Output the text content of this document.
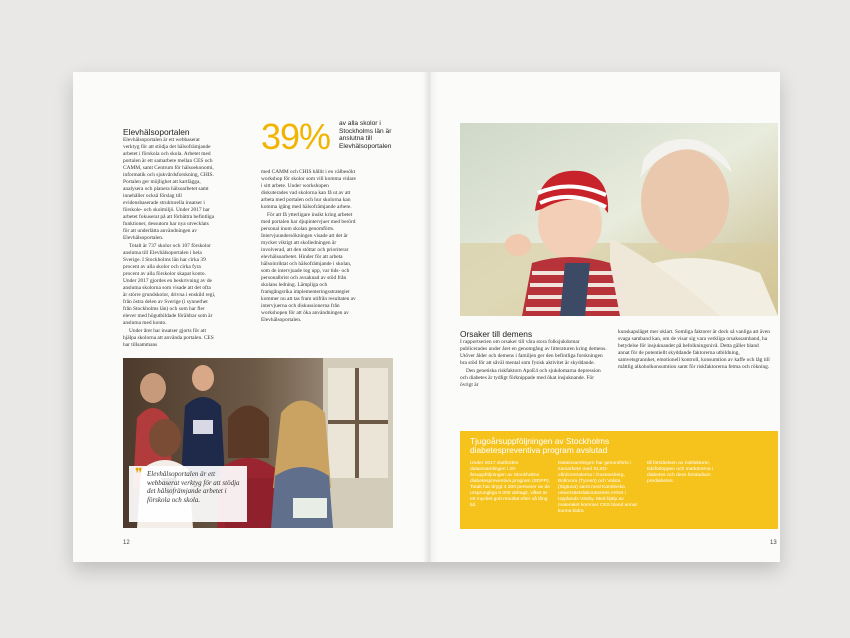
Elevhälsoportalen

Elevhälsoportalen är ett webbaserat verktyg för att stödja det hälsofrämjande arbetet i förskola och skola. Arbetet med portalen är ett samarbete mellan CES och CAMM, samt Centrum för hälsoekonomi, informatik och sjukvårdsforskning, CHIS. Portalen ger möjlighet att kartlägga, analysera och planera hälsoarbetet samt innehåller också förslag till evidensbaserade strukturella insatser i förskole- och skolmiljö. Under 2017 har arbetet fokuserat på att förbättra befintliga funktioner, dessutom har nya utvecklats för att underlätta användningen av Elevhälsoportalen.

Totalt är 737 skolor och 107 förskolor anslutna till Elevhälsoportalen i hela Sverige. I Stockholms län har cirka 39 procent av alla skolor och cirka fyra procent av alla förskolor skapat konto. Under 2017 gjordes en beskrivning av de anslutna skolorna som visade att det ofta är större grundskolor, drivna i enskild regi, från östra delen av Sverige (i synnerhet från Stockholms län) och som har fler elever med högutbildade föräldrar som är anslutna med konto.

Under året har insatser gjorts för att hjälpa skolorna att använda portalen. CES har tillsammans

39% av alla skolor i Stockholms län är anslutna till Elevhälsoportalen

med CAMM och CHIS hållit i en välbesökt workshop för skolor som vill komma vidare i sitt arbete. Under workshopen diskuterades vad skolorna kan få ut av att arbeta med portalen och hur skolorna kan komma igång med hälsofrämjande arbete.

För att få ytterligare insikt kring arbetet med portalen har djupintervjuer med berörd personal inom skolan genomförts. Intervjuundersökningen visade att det är mycket viktigt att skolledningen är involverad, att den stöttar och prioriterar elevhälsoarbetet. Hinder för att arbeta hälsoinriktat och hälsofrämjande i skolan, som de intervjuade tog upp, var tids- och personalbrist och avsaknad av stöd från skolans ledning. Lämpliga och framgångsrika implementeringsstrategier kommer nu att tas fram utifrån resultaten av intervjuerna och diskussionerna från workshopen för att öka användningen av Elevhälsoportalen.

❞ Elevhälsoportalen är ett webbaserat verktyg för att stödja det hälsofrämjande arbetet i förskola och skola.

12
Orsaker till demens

I rapportserien om orsaker till våra stora folksjukdomar publicerades under året en genomgång av litteraturen kring demens. Utöver ålder och demens i familjen ger den befintliga forskningen bra stöd för att såväl mental som fysisk aktivitet är skyddande.

Den genetiska riskfaktorn ApoE4 och sjukdomarna depression och diabetes är tydligt förknippade med ökat insjuknande. För övrigt är

kunskapsläget mer oklart. Somliga faktorer är dock så vanliga att även svaga samband kan, om de visar sig vara verkliga orsakssamband, ha betydelse för insjuknandet på befolkningsnivå. Detta gäller bland annat för de potentiellt skyddande faktorerna utbildning, samvetsgrannhet, emotionell kontroll, konsumtion av kaffe och låg till måttlig alkoholkonsumtion samt för riskfaktorerna fetma och rökning.

Tjugoårsuppföljningen av Stockholms diabetespreventiva program avslutad
Under 2017 slutfördes datainsamlingen i 20-årsuppföljningen av Stockholms diabetespreventiva program (SDPP). Totalt har drygt 4 300 personer av de ursprungliga 8 000 deltagit, vilket är ett mycket gott resultat efter så lång tid.
Datainsamlingen har genomförts i samarbete med SLSO-vårdcentralerna i Gustavsberg, Bollmora (Tyresö) och Valsta (Sigtuna) samt med Karolinska universitetslaboratoriets enhet i Upplands Väsby. Med hjälp av materialet kommer CES bland annat kunna bidra
till förståelsen av riskfaktorer, tidsförloppen och markörerna i diabetes och dess förstadium prediabetes.
13
